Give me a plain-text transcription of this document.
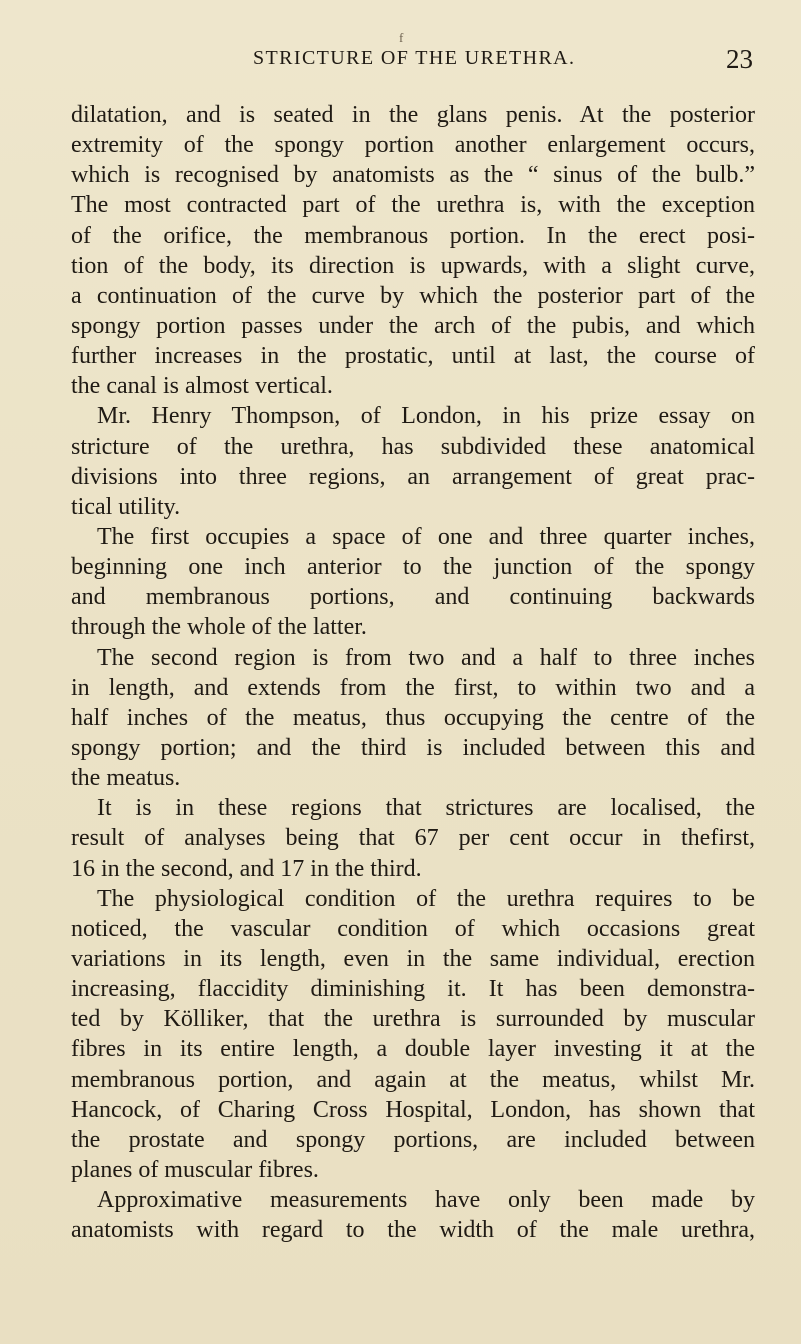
f
STRICTURE OF THE URETHRA.	23
dilatation, and is seated in the glans penis. At the posterior
extremity of the spongy portion another enlargement occurs,
which is recognised by anatomists as the “ sinus of the bulb.”
The most contracted part of the urethra is, with the exception
of the orifice, the membranous portion. In the erect posi-
tion of the body, its direction is upwards, with a slight curve,
a continuation of the curve by which the posterior part of the
spongy portion passes under the arch of the pubis, and which
further increases in the prostatic, until at last, the course of
the canal is almost vertical.
Mr. Henry Thompson, of London, in his prize essay on
stricture of the urethra, has subdivided these anatomical
divisions into three regions, an arrangement of great prac-
tical utility.
The first occupies a space of one and three quarter inches,
beginning one inch anterior to the junction of the spongy
and membranous portions, and continuing backwards
through the whole of the latter.
The second region is from two and a half to three inches
in length, and extends from the first, to within two and a
half inches of the meatus, thus occupying the centre of the
spongy portion; and the third is included between this and
the meatus.
It is in these regions that strictures are localised, the
result of analyses being that 67 per cent occur in thefirst,
16 in the second, and 17 in the third.
The physiological condition of the urethra requires to be
noticed, the vascular condition of which occasions great
variations in its length, even in the same individual, erection
increasing, flaccidity diminishing it. It has been demonstra-
ted by Kölliker, that the urethra is surrounded by muscular
fibres in its entire length, a double layer investing it at the
membranous portion, and again at the meatus, whilst Mr.
Hancock, of Charing Cross Hospital, London, has shown that
the prostate and spongy portions, are included between
planes of muscular fibres.
Approximative measurements have only been made by
anatomists with regard to the width of the male urethra,
